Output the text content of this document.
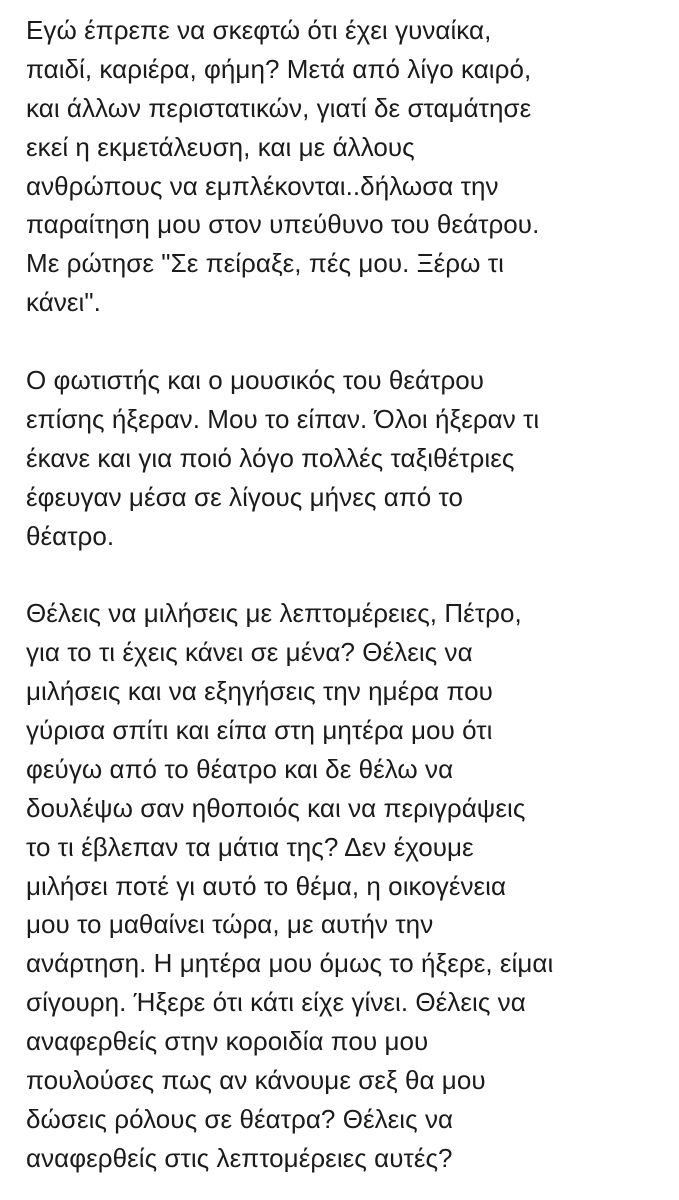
Εγώ έπρεπε να σκεφτώ ότι έχει γυναίκα,
παιδί, καριέρα, φήμη? Μετά από λίγο καιρό,
και άλλων περιστατικών, γιατί δε σταμάτησε
εκεί η εκμετάλευση, και με άλλους
ανθρώπους να εμπλέκονται..δήλωσα την
παραίτηση μου στον υπεύθυνο του θεάτρου.
Με ρώτησε "Σε πείραξε, πές μου. Ξέρω τι
κάνει".
Ο φωτιστής και ο μουσικός του θεάτρου
επίσης ήξεραν. Μου το είπαν. Όλοι ήξεραν τι
έκανε και για ποιό λόγο πολλές ταξιθέτριες
έφευγαν μέσα σε λίγους μήνες από το
θέατρο.
Θέλεις να μιλήσεις με λεπτομέρειες, Πέτρο,
για το τι έχεις κάνει σε μένα? Θέλεις να
μιλήσεις και να εξηγήσεις την ημέρα που
γύρισα σπίτι και είπα στη μητέρα μου ότι
φεύγω από το θέατρο και δε θέλω να
δουλέψω σαν ηθοποιός και να περιγράψεις
το τι έβλεπαν τα μάτια της? Δεν έχουμε
μιλήσει ποτέ γι αυτό το θέμα, η οικογένεια
μου το μαθαίνει τώρα, με αυτήν την
ανάρτηση. Η μητέρα μου όμως το ήξερε, είμαι
σίγουρη. Ήξερε ότι κάτι είχε γίνει. Θέλεις να
αναφερθείς στην κοροιδία που μου
πουλούσες πως αν κάνουμε σεξ θα μου
δώσεις ρόλους σε θέατρα? Θέλεις να
αναφερθείς στις λεπτομέρειες αυτές?
